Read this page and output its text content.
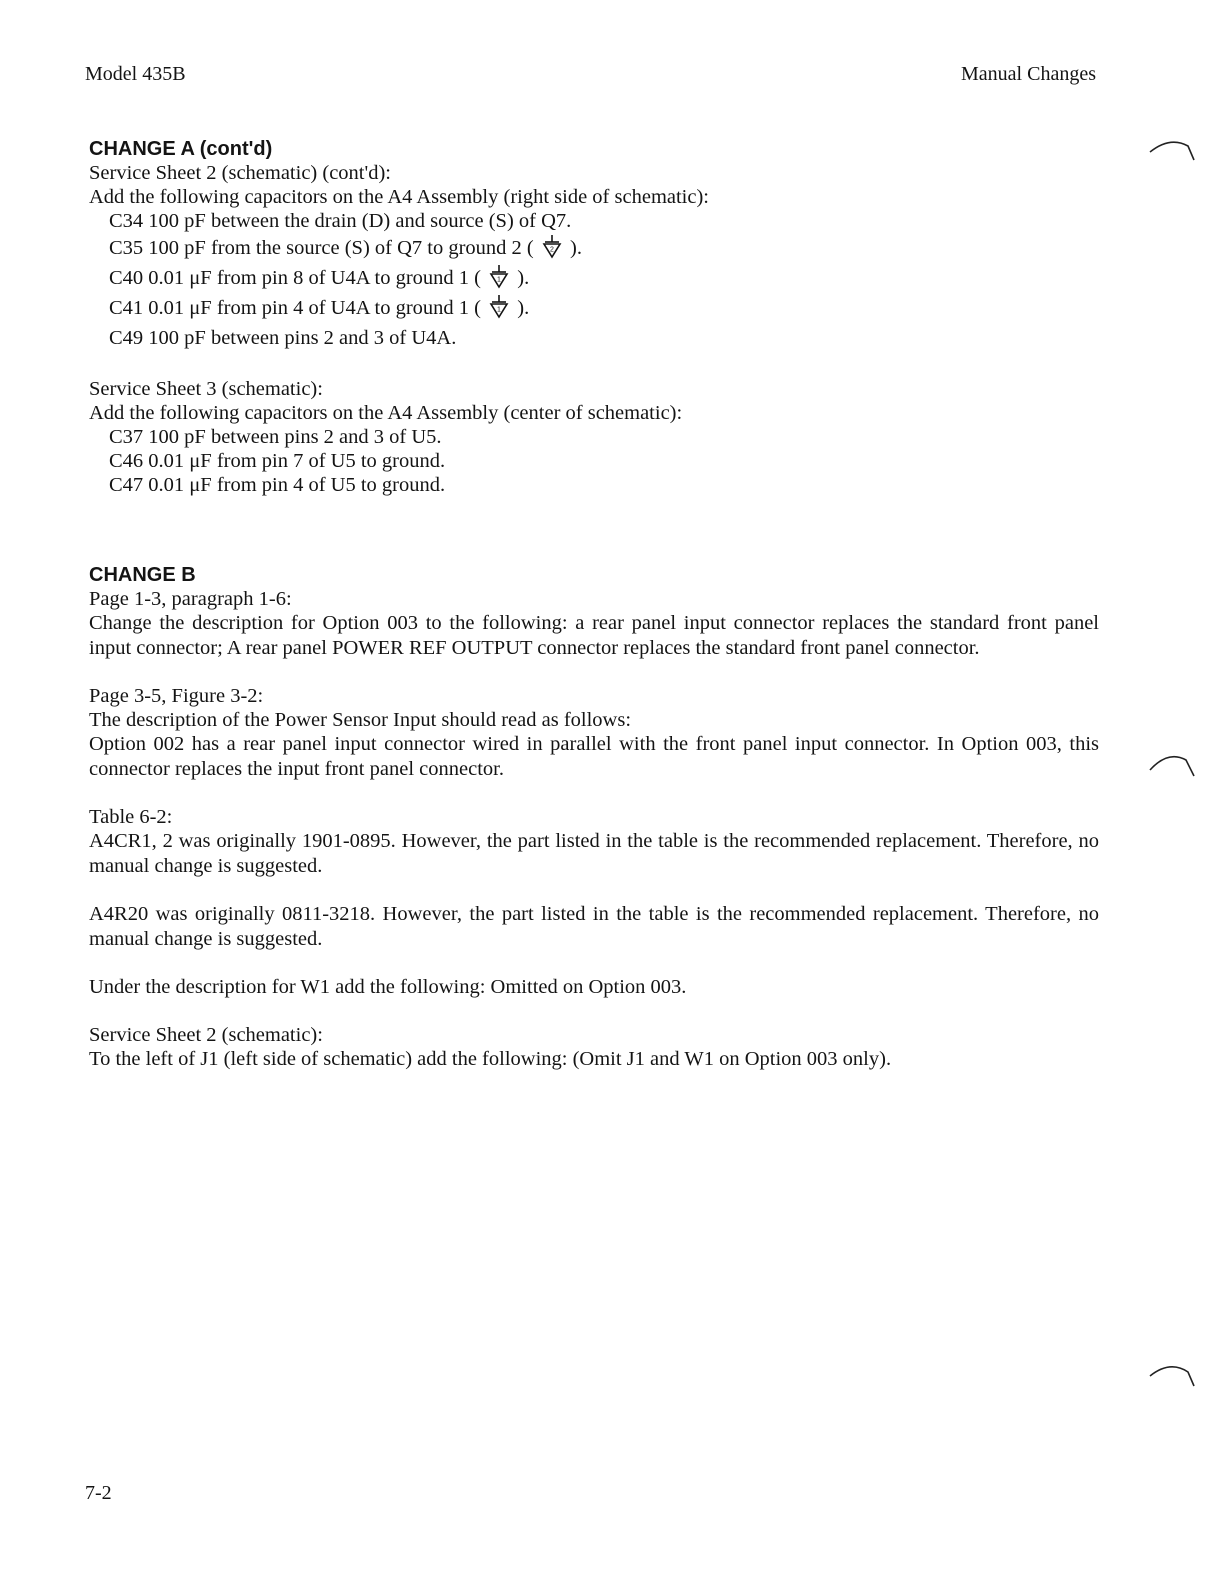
Model 435B	Manual Changes
CHANGE A (cont'd)
Service Sheet 2 (schematic) (cont'd):
Add the following capacitors on the A4 Assembly (right side of schematic):
C34 100 pF between the drain (D) and source (S) of Q7.
C35 100 pF from the source (S) of Q7 to ground 2 ( 2 ).
C40 0.01 μF from pin 8 of U4A to ground 1 ( 1 ).
C41 0.01 μF from pin 4 of U4A to ground 1 ( 1 ).
C49 100 pF between pins 2 and 3 of U4A.
Service Sheet 3 (schematic):
Add the following capacitors on the A4 Assembly (center of schematic):
C37 100 pF between pins 2 and 3 of U5.
C46 0.01 μF from pin 7 of U5 to ground.
C47 0.01 μF from pin 4 of U5 to ground.
CHANGE B
Page 1-3, paragraph 1-6:
Change the description for Option 003 to the following: a rear panel input connector replaces the standard front panel input connector; A rear panel POWER REF OUTPUT connector replaces the standard front panel connector.
Page 3-5, Figure 3-2:
The description of the Power Sensor Input should read as follows:
Option 002 has a rear panel input connector wired in parallel with the front panel input connector. In Option 003, this connector replaces the input front panel connector.
Table 6-2:
A4CR1, 2 was originally 1901-0895. However, the part listed in the table is the recommended replacement. Therefore, no manual change is suggested.
A4R20 was originally 0811-3218. However, the part listed in the table is the recommended replacement. Therefore, no manual change is suggested.
Under the description for W1 add the following: Omitted on Option 003.
Service Sheet 2 (schematic):
To the left of J1 (left side of schematic) add the following: (Omit J1 and W1 on Option 003 only).
7-2
